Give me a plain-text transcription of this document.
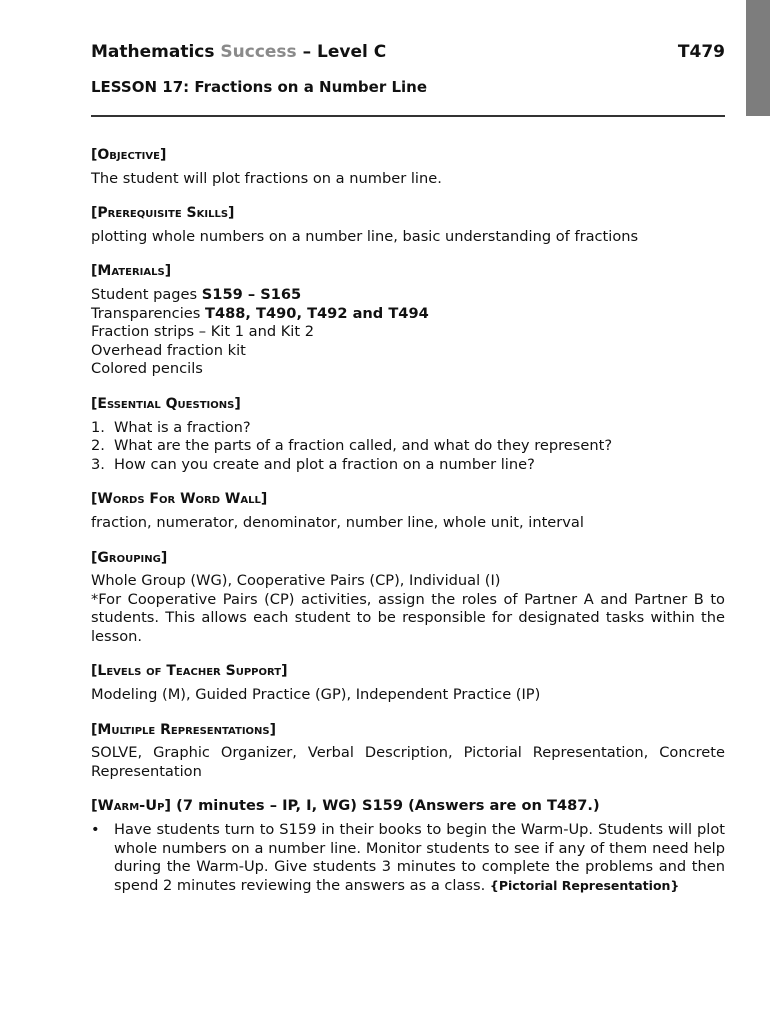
Mathematics Success – Level C	T479
LESSON 17: Fractions on a Number Line
[Objective]
The student will plot fractions on a number line.
[Prerequisite Skills]
plotting whole numbers on a number line, basic understanding of fractions
[Materials]
Student pages S159 – S165
Transparencies T488, T490, T492 and T494
Fraction strips – Kit 1 and Kit 2
Overhead fraction kit
Colored pencils
[Essential Questions]
1. What is a fraction?
2. What are the parts of a fraction called, and what do they represent?
3. How can you create and plot a fraction on a number line?
[Words For Word Wall]
fraction, numerator, denominator, number line, whole unit, interval
[Grouping]
Whole Group (WG), Cooperative Pairs (CP), Individual (I)
*For Cooperative Pairs (CP) activities, assign the roles of Partner A and Partner B to students. This allows each student to be responsible for designated tasks within the lesson.
[Levels of Teacher Support]
Modeling (M), Guided Practice (GP), Independent Practice (IP)
[Multiple Representations]
SOLVE, Graphic Organizer, Verbal Description, Pictorial Representation, Concrete Representation
[Warm-Up] (7 minutes – IP, I, WG) S159 (Answers are on T487.)
• Have students turn to S159 in their books to begin the Warm-Up. Students will plot whole numbers on a number line. Monitor students to see if any of them need help during the Warm-Up. Give students 3 minutes to complete the problems and then spend 2 minutes reviewing the answers as a class. {Pictorial Representation}
